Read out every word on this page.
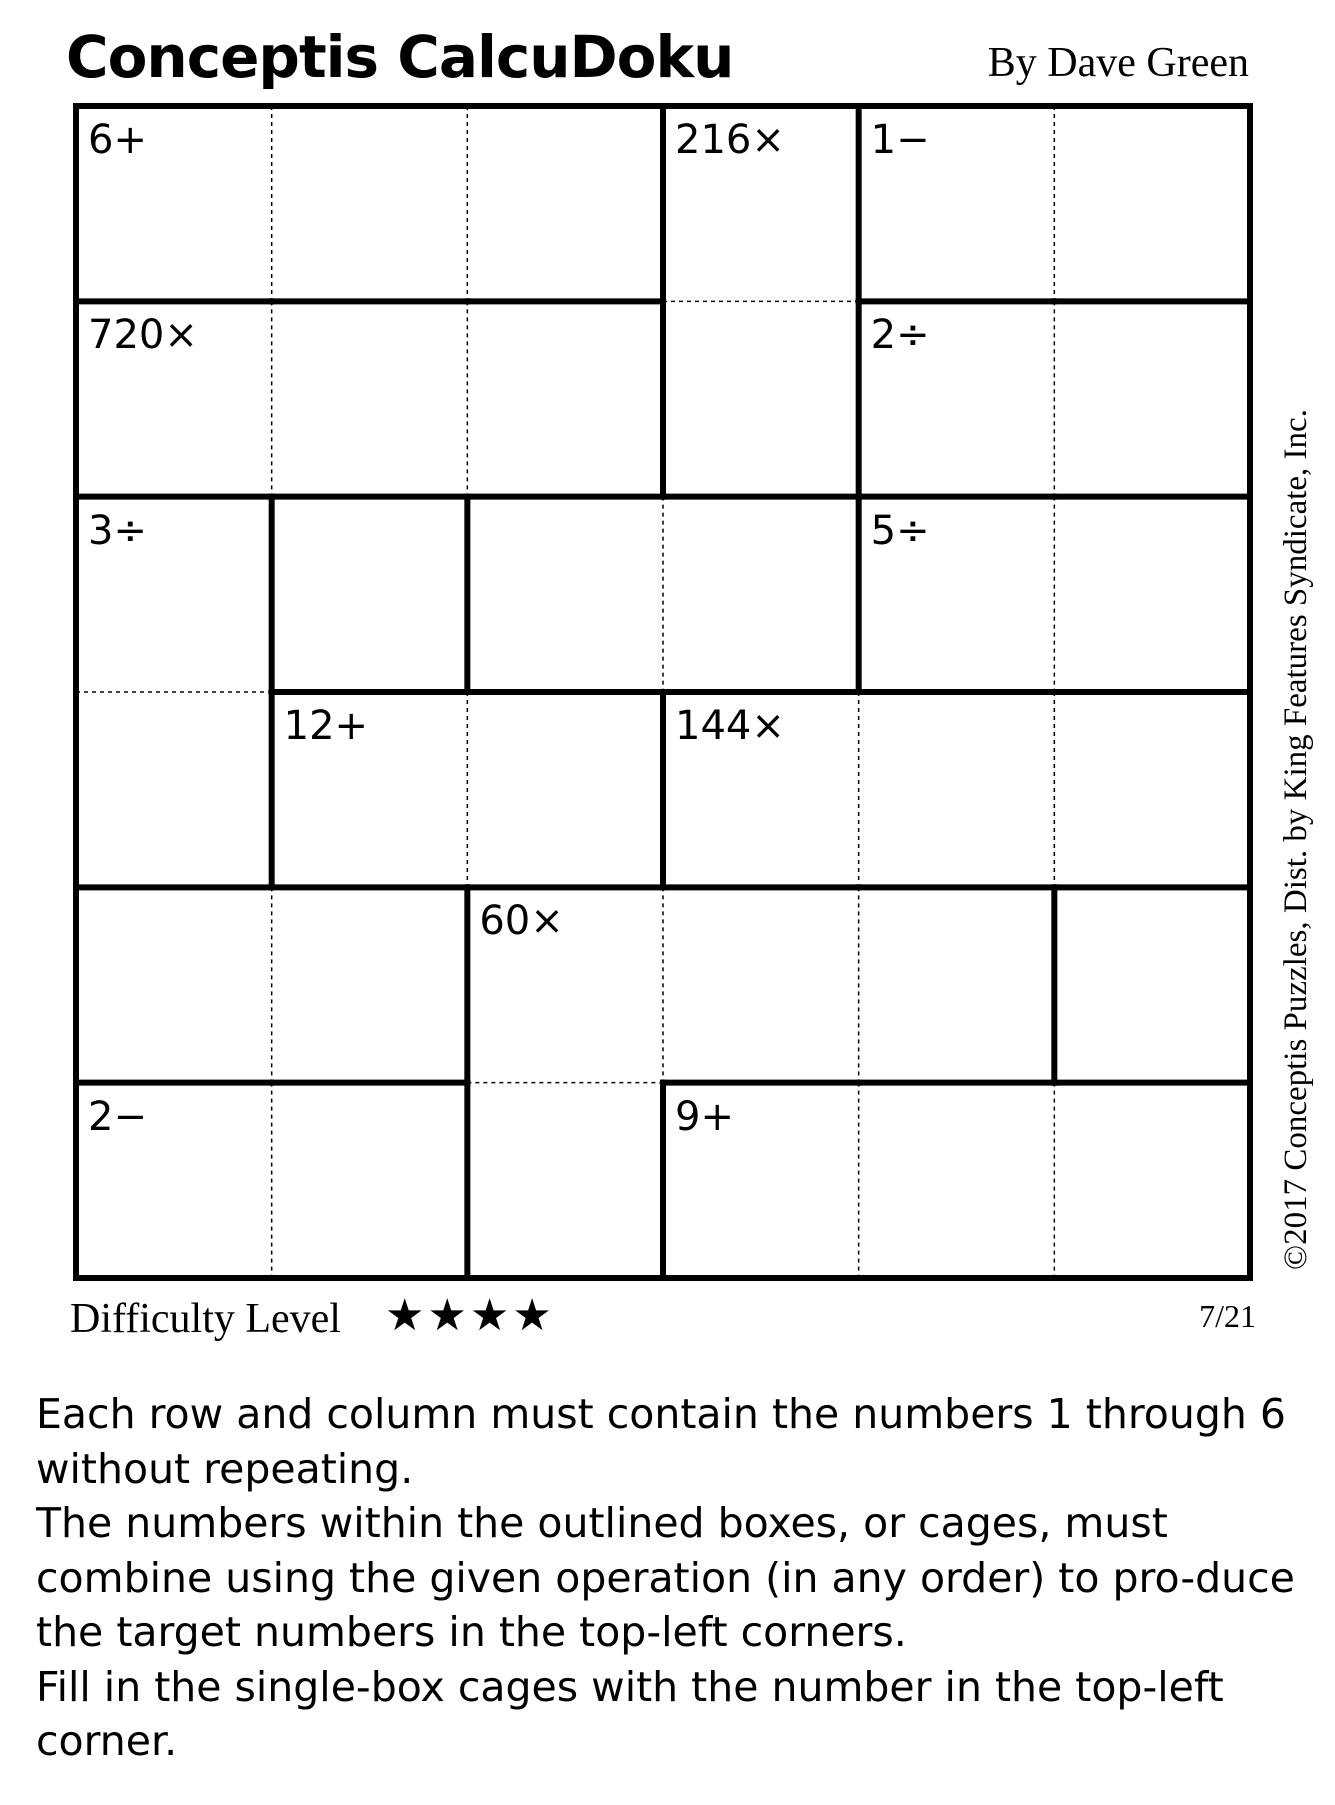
Conceptis CalcuDoku	By Dave Green
6+	216× 1−
720×	2÷
3÷	5÷
12+	144×
60×
2−	9+	©2017 Conceptis Puzzles, Dist. by King Features Syndicate, Inc.
Difficulty Level ★★★★	7/21

Each row and column must contain the numbers 1 through 6 without repeating.

The numbers within the outlined boxes, or cages, must combine using the given operation (in any order) to pro-duce the target numbers in the top-left corners.

Fill in the single-box cages with the number in the top-left corner.
